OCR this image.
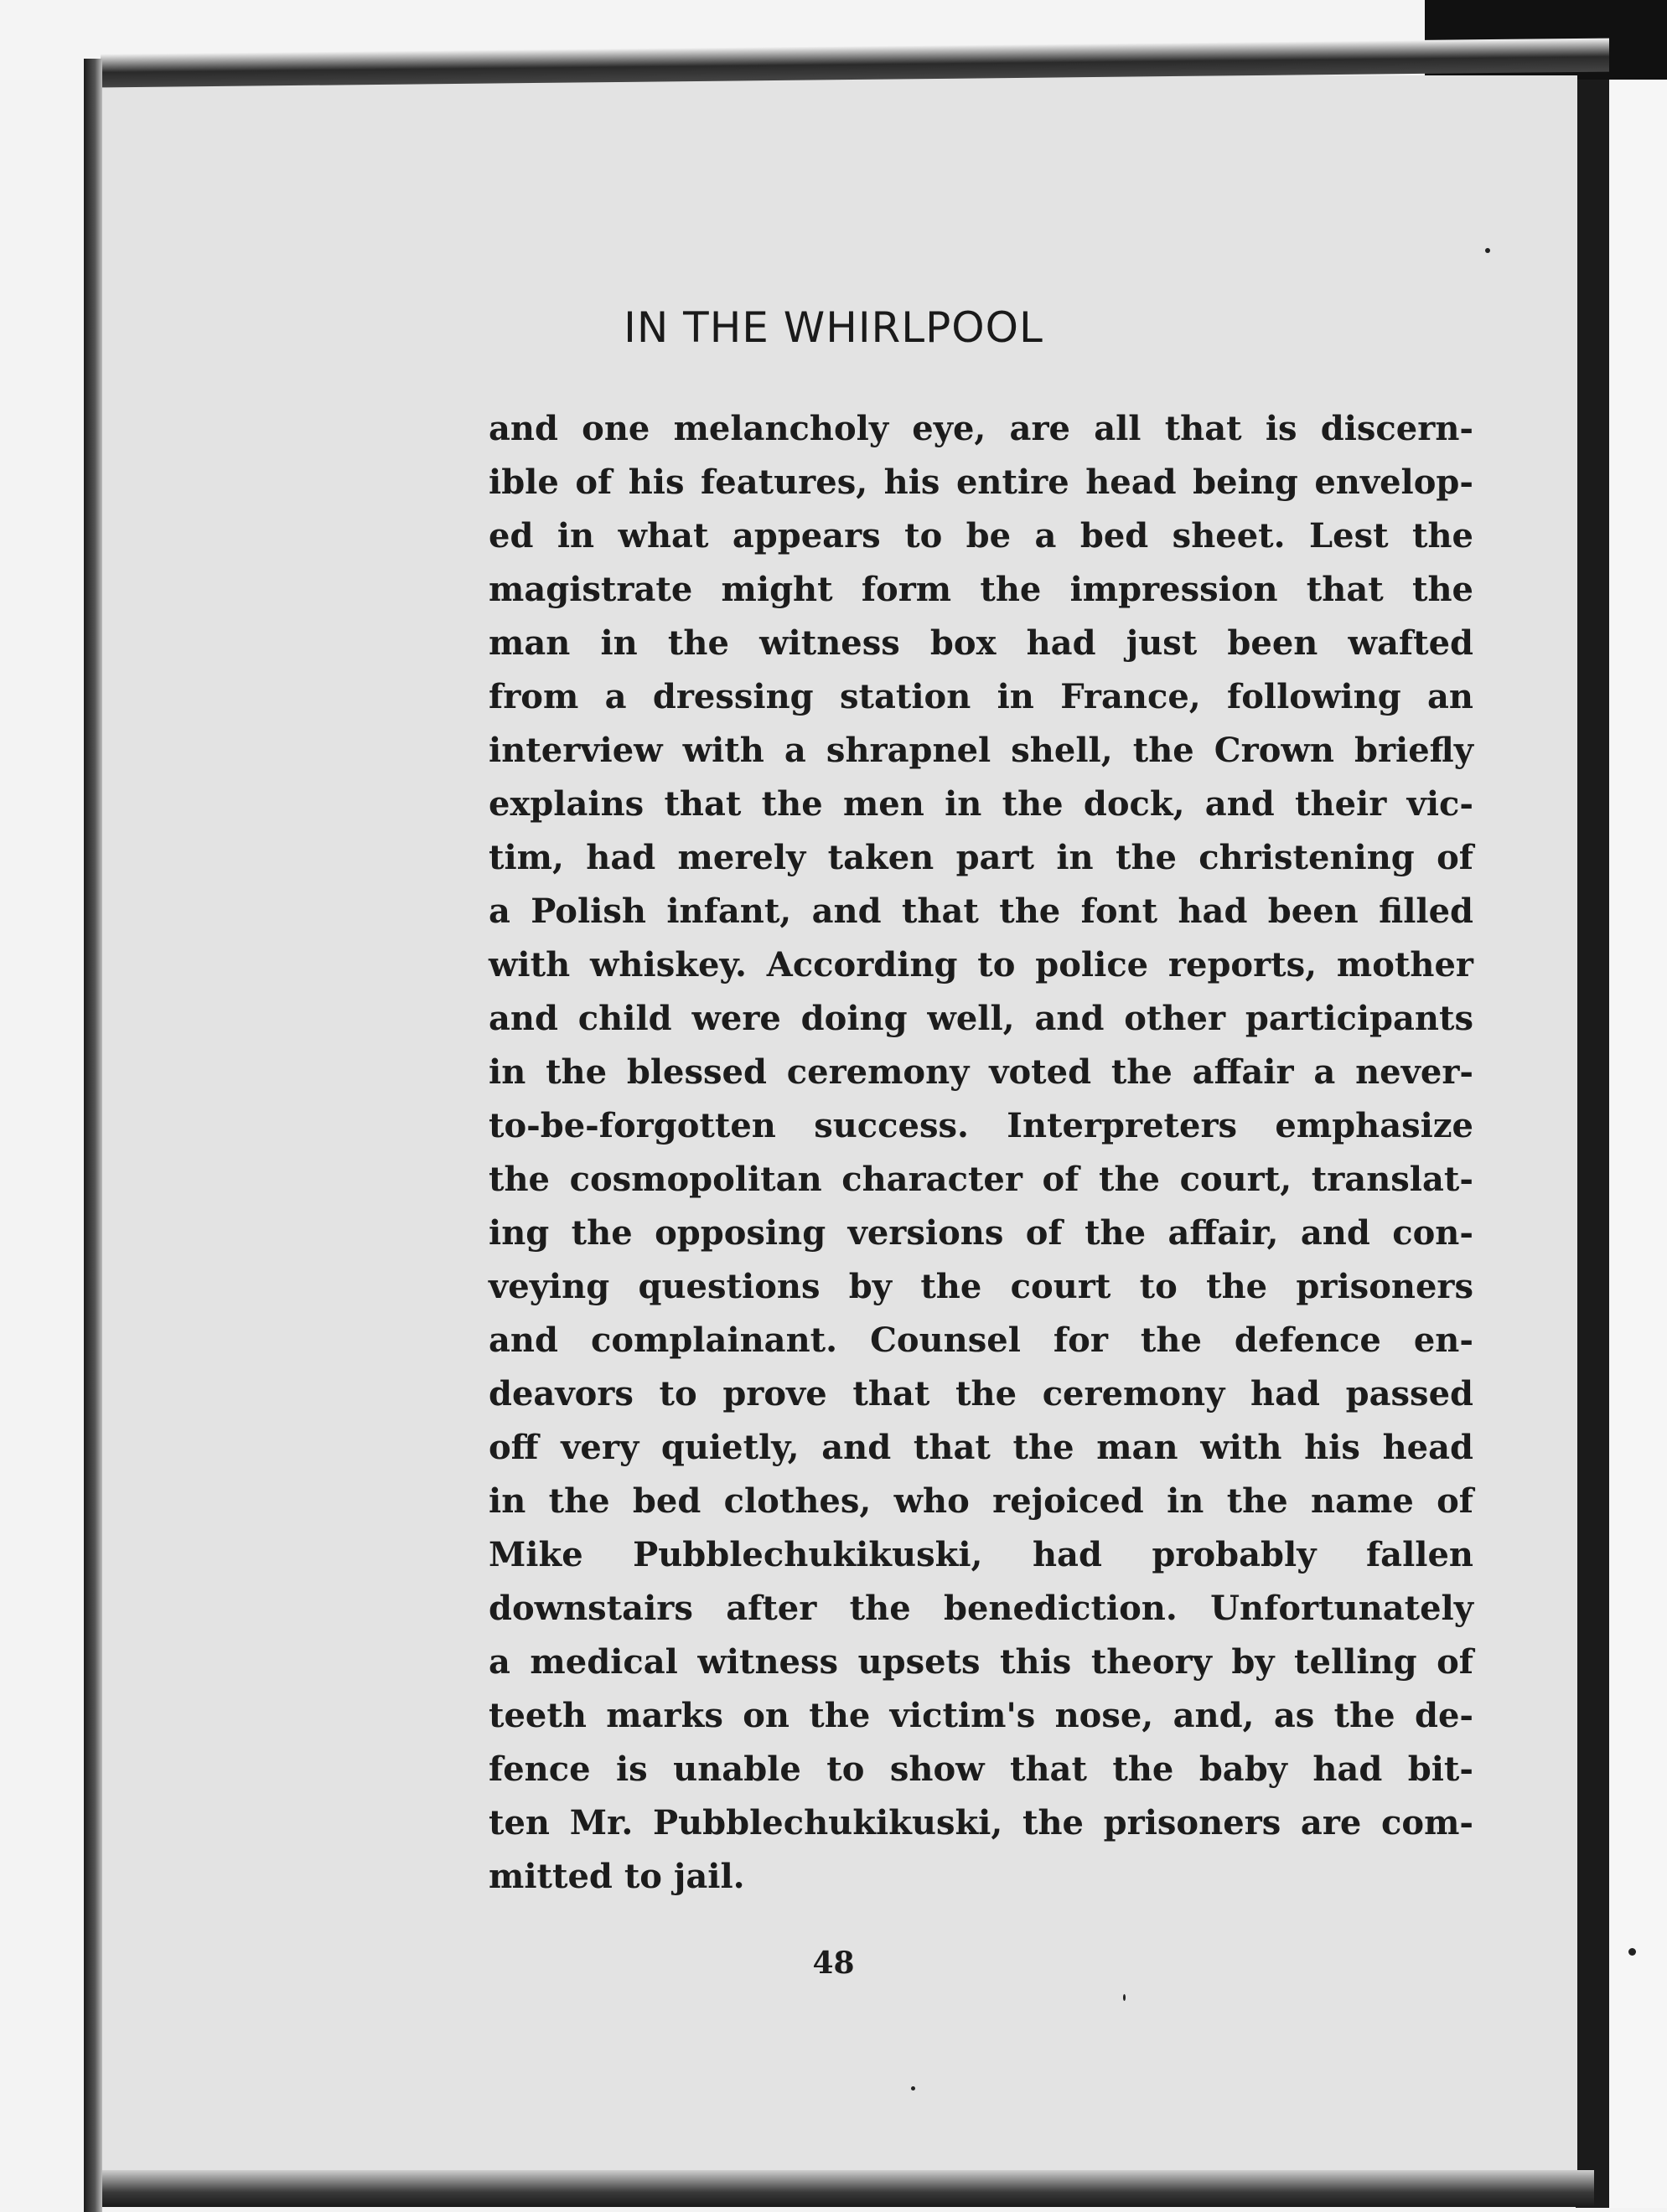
IN THE WHIRLPOOL
and one melancholy eye, are all that is discern-
ible of his features, his entire head being envelop-
ed in what appears to be a bed sheet. Lest the
magistrate might form the impression that the
man in the witness box had just been wafted
from a dressing station in France, following an
interview with a shrapnel shell, the Crown briefly
explains that the men in the dock, and their vic-
tim, had merely taken part in the christening of
a Polish infant, and that the font had been filled
with whiskey. According to police reports, mother
and child were doing well, and other participants
in the blessed ceremony voted the affair a never-
to-be-forgotten success. Interpreters emphasize
the cosmopolitan character of the court, translat-
ing the opposing versions of the affair, and con-
veying questions by the court to the prisoners
and complainant. Counsel for the defence en-
deavors to prove that the ceremony had passed
off very quietly, and that the man with his head
in the bed clothes, who rejoiced in the name of
Mike Pubblechukikuski, had probably fallen
downstairs after the benediction. Unfortunately
a medical witness upsets this theory by telling of
teeth marks on the victim's nose, and, as the de-
fence is unable to show that the baby had bit-
ten Mr. Pubblechukikuski, the prisoners are com-
mitted to jail.
48
